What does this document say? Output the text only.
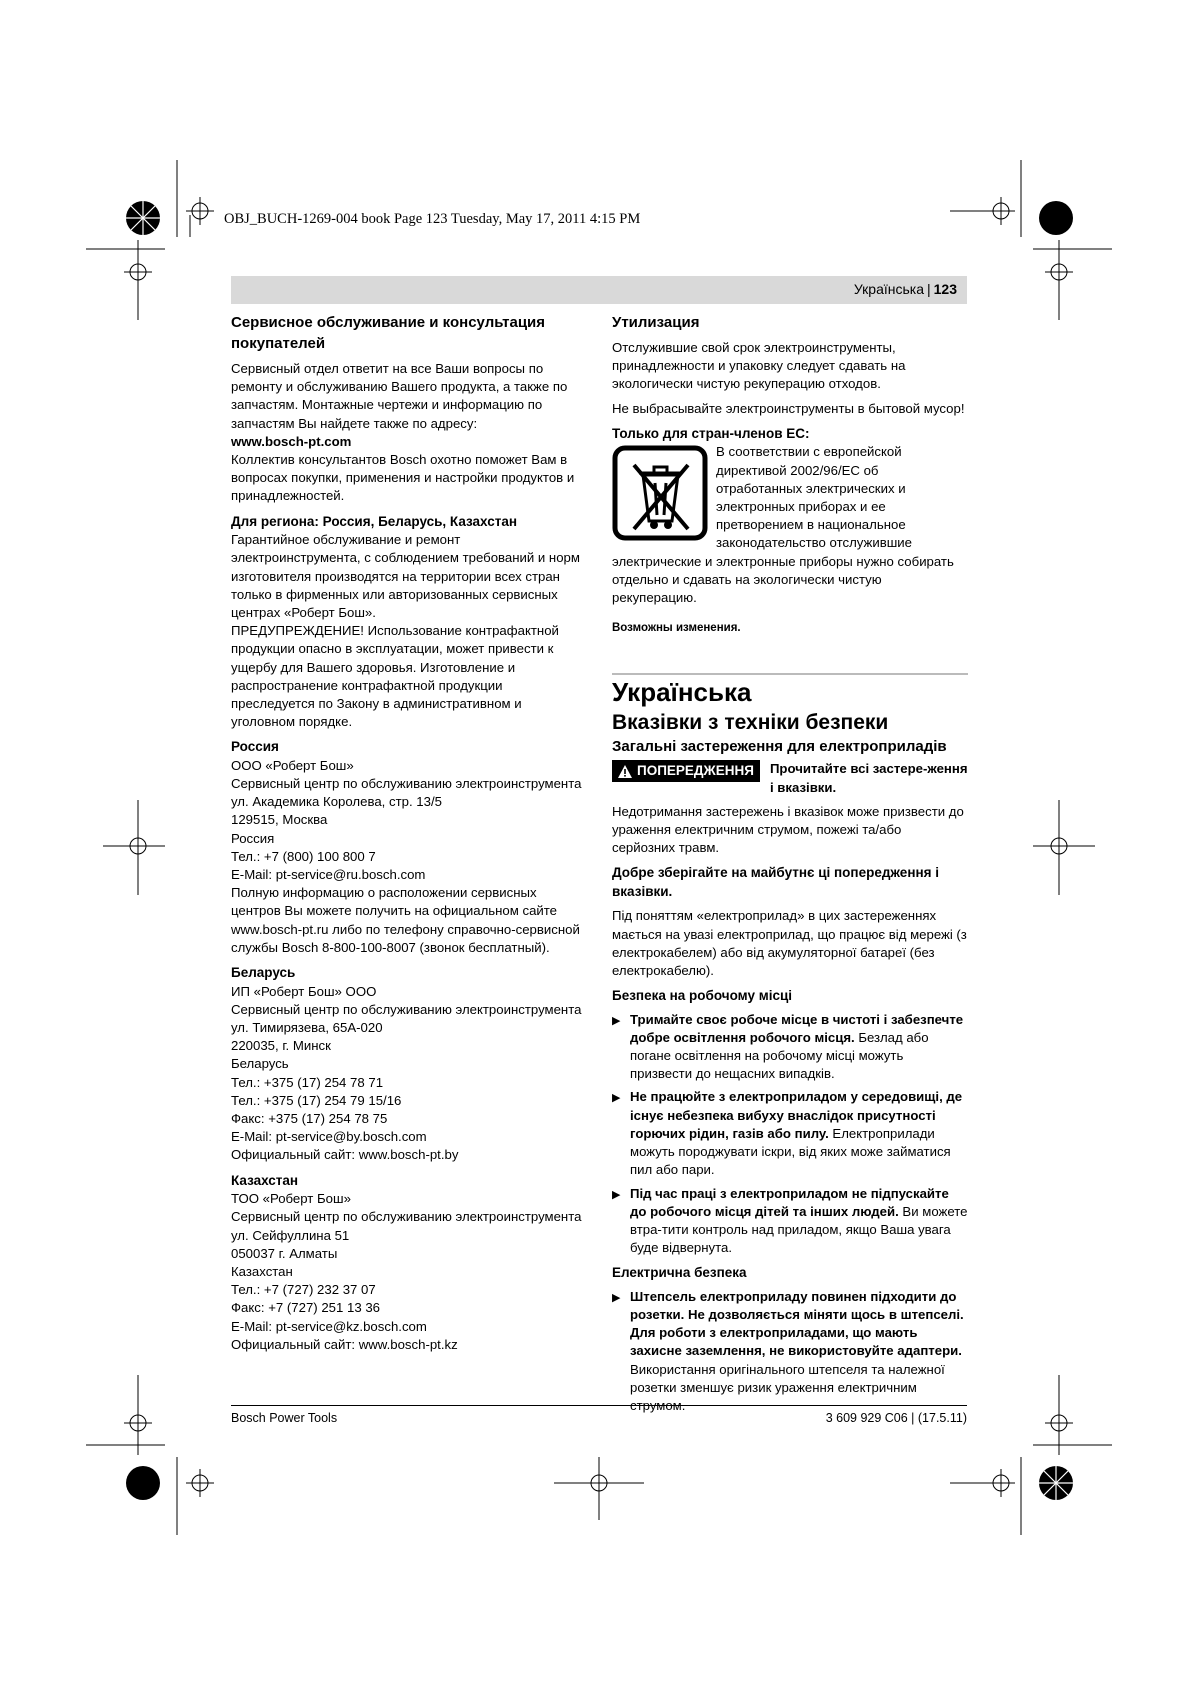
OBJ_BUCH-1269-004 book Page 123 Tuesday, May 17, 2011 4:15 PM
Українська | 123

Сервисное обслуживание и консультация покупателей

Сервисный отдел ответит на все Ваши вопросы по ремонту и обслуживанию Вашего продукта, а также по запчастям. Монтажные чертежи и информацию по запчастям Вы найдете также по адресу:

www.bosch-pt.com

Коллектив консультантов Bosch охотно поможет Вам в вопросах покупки, применения и настройки продуктов и принадлежностей.

Для региона: Россия, Беларусь, Казахстан

Гарантийное обслуживание и ремонт электроинструмента, с соблюдением требований и норм изготовителя производятся на территории всех стран только в фирменных или авторизованных сервисных центрах «Роберт Бош».

ПРЕДУПРЕЖДЕНИЕ! Использование контрафактной продукции опасно в эксплуатации, может привести к ущербу для Вашего здоровья. Изготовление и распространение контрафактной продукции преследуется по Закону в административном и уголовном порядке.

Россия

ООО «Роберт Бош»

Сервисный центр по обслуживанию электроинструмента

ул. Академика Королева, стр. 13/5

129515, Москва

Россия

Тел.: +7 (800) 100 800 7

E-Mail: pt-service@ru.bosch.com

Полную информацию о расположении сервисных центров Вы можете получить на официальном сайте www.bosch-pt.ru либо по телефону справочно-сервисной службы Bosch 8-800-100-8007 (звонок бесплатный).

Беларусь

ИП «Роберт Бош» ООО

Сервисный центр по обслуживанию электроинструмента

ул. Тимирязева, 65А-020

220035, г. Минск

Беларусь

Тел.: +375 (17) 254 78 71

Тел.: +375 (17) 254 79 15/16

Факс: +375 (17) 254 78 75

E-Mail: pt-service@by.bosch.com

Официальный сайт: www.bosch-pt.by

Казахстан

ТОО «Роберт Бош»

Сервисный центр по обслуживанию электроинструмента

ул. Сейфуллина 51

050037 г. Алматы

Казахстан

Тел.: +7 (727) 232 37 07

Факс: +7 (727) 251 13 36

E-Mail: pt-service@kz.bosch.com

Официальный сайт: www.bosch-pt.kz

Утилизация

Отслужившие свой срок электроинструменты, принадлежности и упаковку следует сдавать на экологически чистую рекуперацию отходов.

Не выбрасывайте электроинструменты в бытовой мусор!

Только для стран-членов ЕС:

В соответствии с европейской директивой 2002/96/ЕС об отработанных электрических и электронных приборах и ее претворением в национальное законодательство отслужившие электрические и электронные приборы нужно собирать отдельно и сдавать на экологически чистую рекуперацию.

Возможны изменения.

Українська

Вказівки з техніки безпеки

Загальні застереження для електроприладів

ПОПЕРЕДЖЕННЯ Прочитайте всі застере-ження і вказівки.

Недотримання застережень і вказівок може призвести до ураження електричним струмом, пожежі та/або серйозних травм.

Добре зберігайте на майбутнє ці попередження і вказівки.

Під поняттям «електроприлад» в цих застереженнях мається на увазі електроприлад, що працює від мережі (з електрокабелем) або від акумуляторної батареї (без електрокабелю).

Безпека на робочому місці

▶ Тримайте своє робоче місце в чистоті і забезпечте добре освітлення робочого місця. Безлад або погане освітлення на робочому місці можуть призвести до нещасних випадків.

▶ Не працюйте з електроприладом у середовищі, де існує небезпека вибуху внаслідок присутності горючих рідин, газів або пилу. Електроприлади можуть породжувати іскри, від яких може займатися пил або пари.

▶ Під час праці з електроприладом не підпускайте до робочого місця дітей та інших людей. Ви можете втра-тити контроль над приладом, якщо Ваша увага буде відвернута.

Електрична безпека

▶ Штепсель електроприладу повинен підходити до розетки. Не дозволяється міняти щось в штепселі. Для роботи з електроприладами, що мають захисне заземлення, не використовуйте адаптери. Використання оригінального штепселя та належної розетки зменшує ризик ураження електричним струмом.

Bosch Power Tools	3 609 929 C06 | (17.5.11)
